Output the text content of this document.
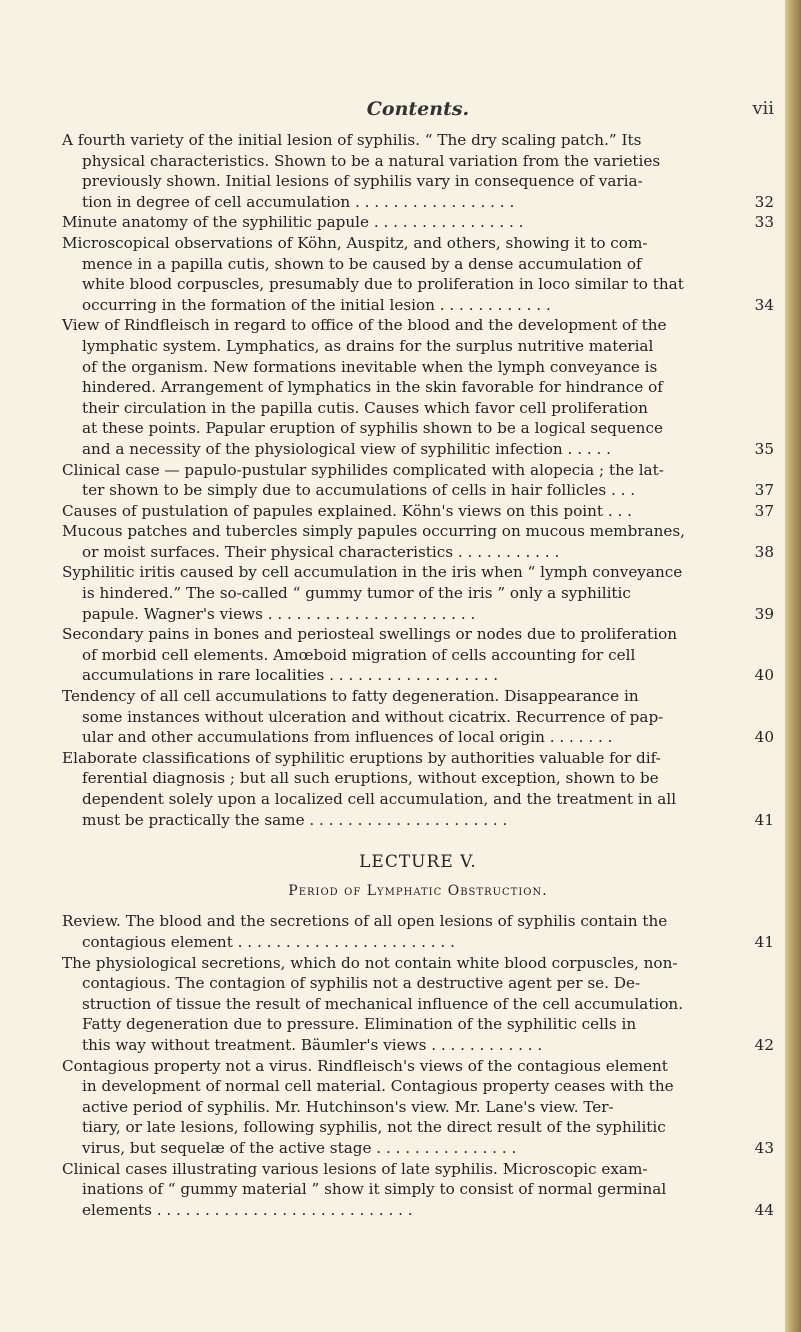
Contents.	vii
A fourth variety of the initial lesion of syphilis. “ The dry scaling patch.” Its
physical characteristics. Shown to be a natural variation from the varieties
previously shown. Initial lesions of syphilis vary in consequence of varia-
tion in degree of cell accumulation . . . . . . . . . . . . . . . . .	32
Minute anatomy of the syphilitic papule . . . . . . . . . . . . . . . .	33
Microscopical observations of Köhn, Auspitz, and others, showing it to com-
mence in a papilla cutis, shown to be caused by a dense accumulation of
white blood corpuscles, presumably due to proliferation in loco similar to that
occurring in the formation of the initial lesion . . . . . . . . . . . .	34
View of Rindfleisch in regard to office of the blood and the development of the
lymphatic system. Lymphatics, as drains for the surplus nutritive material
of the organism. New formations inevitable when the lymph conveyance is
hindered. Arrangement of lymphatics in the skin favorable for hindrance of
their circulation in the papilla cutis. Causes which favor cell proliferation
at these points. Papular eruption of syphilis shown to be a logical sequence
and a necessity of the physiological view of syphilitic infection . . . . .	35
Clinical case — papulo-pustular syphilides complicated with alopecia ; the lat-
ter shown to be simply due to accumulations of cells in hair follicles . . .	37
Causes of pustulation of papules explained. Köhn's views on this point . . .	37
Mucous patches and tubercles simply papules occurring on mucous membranes,
or moist surfaces. Their physical characteristics . . . . . . . . . . .	38
Syphilitic iritis caused by cell accumulation in the iris when “ lymph conveyance
is hindered.” The so-called “ gummy tumor of the iris ” only a syphilitic
papule. Wagner's views . . . . . . . . . . . . . . . . . . . . . .	39
Secondary pains in bones and periosteal swellings or nodes due to proliferation
of morbid cell elements. Amœboid migration of cells accounting for cell
accumulations in rare localities . . . . . . . . . . . . . . . . . .	40
Tendency of all cell accumulations to fatty degeneration. Disappearance in
some instances without ulceration and without cicatrix. Recurrence of pap-
ular and other accumulations from influences of local origin . . . . . . .	40
Elaborate classifications of syphilitic eruptions by authorities valuable for dif-
ferential diagnosis ; but all such eruptions, without exception, shown to be
dependent solely upon a localized cell accumulation, and the treatment in all
must be practically the same . . . . . . . . . . . . . . . . . . . . .	41
LECTURE V.
Period of Lymphatic Obstruction.
Review. The blood and the secretions of all open lesions of syphilis contain the
contagious element . . . . . . . . . . . . . . . . . . . . . . .	41
The physiological secretions, which do not contain white blood corpuscles, non-
contagious. The contagion of syphilis not a destructive agent per se. De-
struction of tissue the result of mechanical influence of the cell accumulation.
Fatty degeneration due to pressure. Elimination of the syphilitic cells in
this way without treatment. Bäumler's views . . . . . . . . . . . .	42
Contagious property not a virus. Rindfleisch's views of the contagious element
in development of normal cell material. Contagious property ceases with the
active period of syphilis. Mr. Hutchinson's view. Mr. Lane's view. Ter-
tiary, or late lesions, following syphilis, not the direct result of the syphilitic
virus, but sequelæ of the active stage . . . . . . . . . . . . . . .	43
Clinical cases illustrating various lesions of late syphilis. Microscopic exam-
inations of “ gummy material ” show it simply to consist of normal germinal
elements . . . . . . . . . . . . . . . . . . . . . . . . . . .	44
